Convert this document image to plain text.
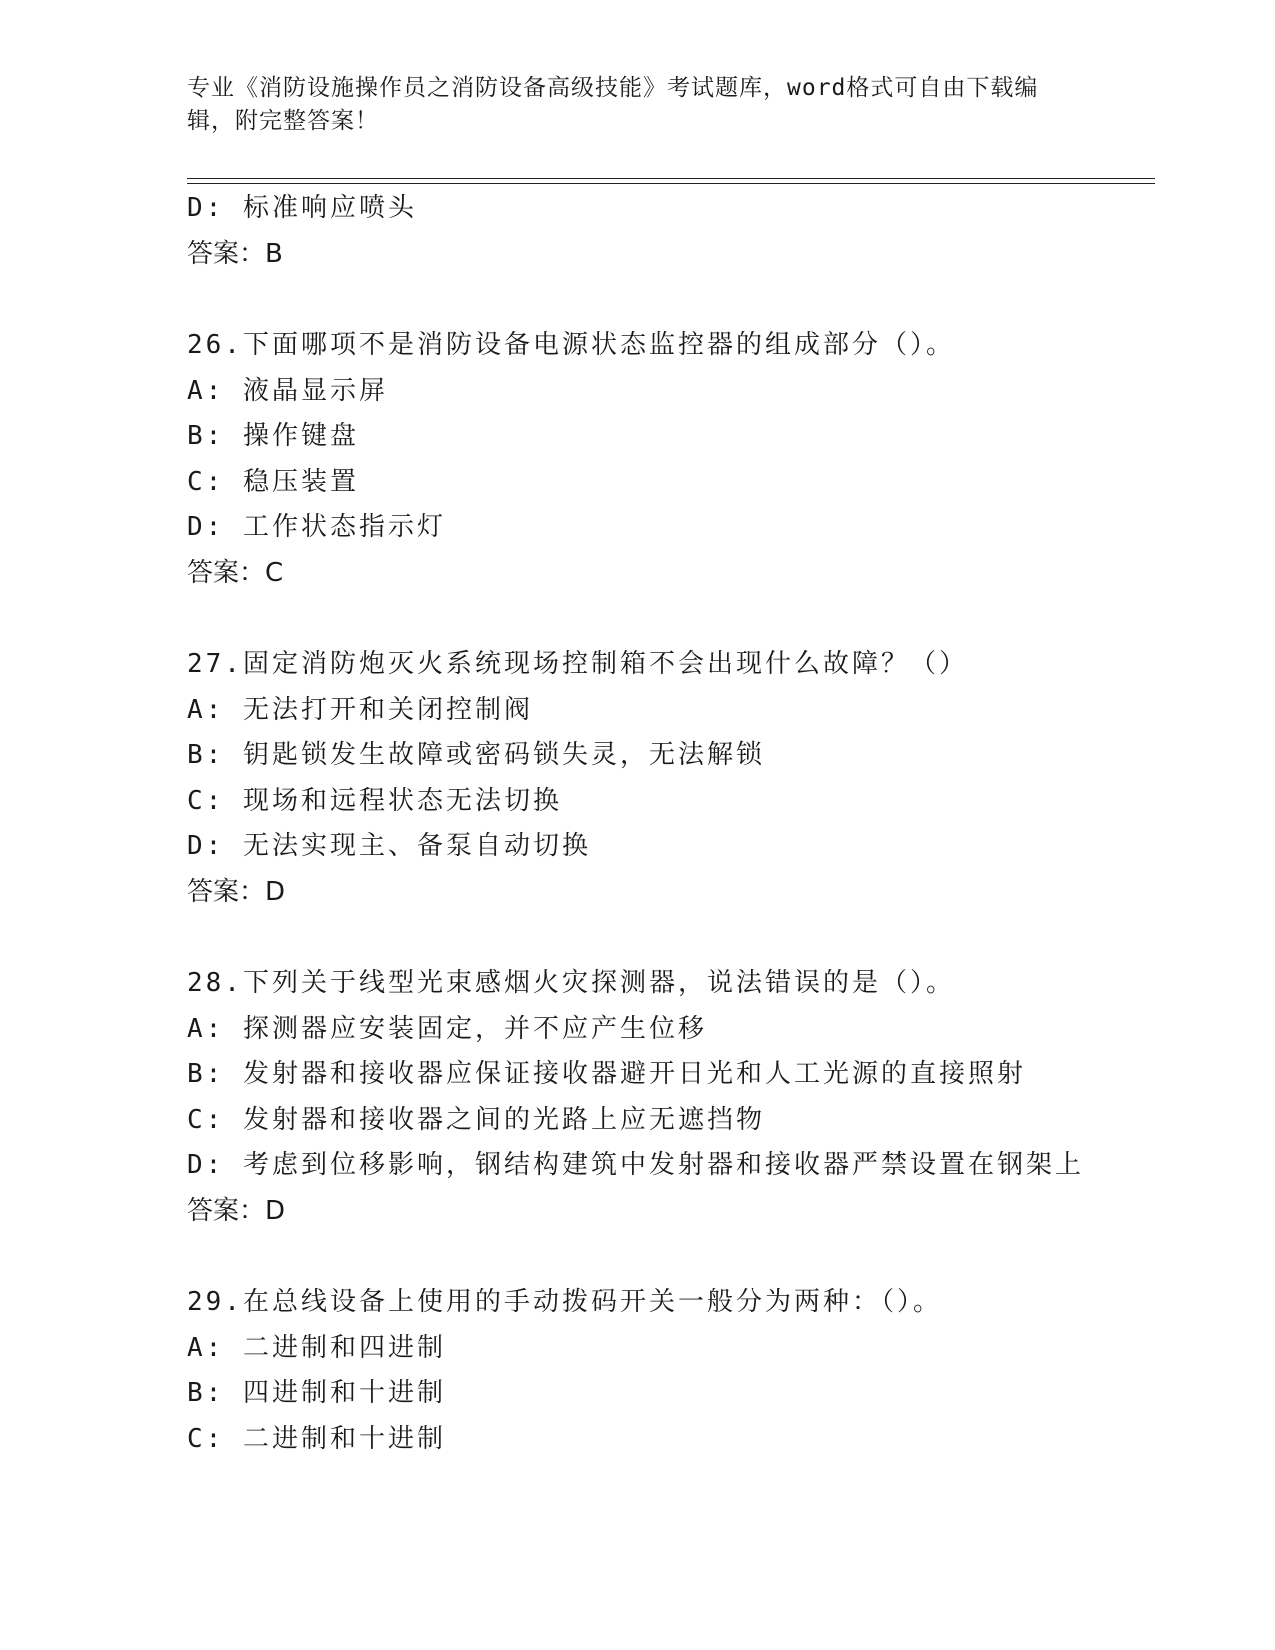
专业《消防设施操作员之消防设备高级技能》考试题库，word格式可自由下载编辑，附完整答案！
D: 标准响应喷头
答案：B
26.下面哪项不是消防设备电源状态监控器的组成部分（）。
A: 液晶显示屏
B: 操作键盘
C: 稳压装置
D: 工作状态指示灯
答案：C
27.固定消防炮灭火系统现场控制箱不会出现什么故障？（）
A: 无法打开和关闭控制阀
B: 钥匙锁发生故障或密码锁失灵，无法解锁
C: 现场和远程状态无法切换
D: 无法实现主、备泵自动切换
答案：D
28.下列关于线型光束感烟火灾探测器，说法错误的是（）。
A: 探测器应安装固定，并不应产生位移
B: 发射器和接收器应保证接收器避开日光和人工光源的直接照射
C: 发射器和接收器之间的光路上应无遮挡物
D: 考虑到位移影响，钢结构建筑中发射器和接收器严禁设置在钢架上
答案：D
29.在总线设备上使用的手动拨码开关一般分为两种：（）。
A: 二进制和四进制
B: 四进制和十进制
C: 二进制和十进制
